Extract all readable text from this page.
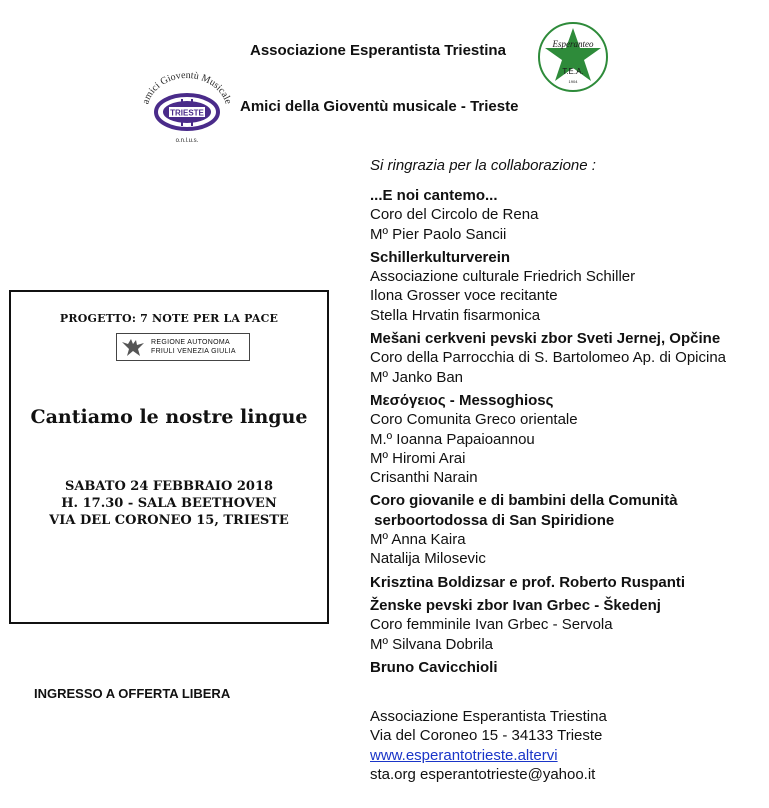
Associazione Esperantista Triestina
Amici della Gioventù musicale - Trieste
Esperanteo
T.E.A.
1904
amici Gioventù Musicale
TRIESTE
o.n.l.u.s.
Si ringrazia per la collaborazione :
...E noi cantemo...
Coro del Circolo de Rena
Mº Pier Paolo Sancii
Schillerkulturverein
Associazione culturale Friedrich Schiller
Ilona Grosser voce recitante
Stella Hrvatin fisarmonica
Mešani cerkveni pevski zbor Sveti Jernej, Opčine
Coro della Parrocchia di S. Bartolomeo Ap. di Opicina
Mº Janko Ban
Μεσόγειος - Messoghiosς
Coro Comunita Greco orientale
M.º Ioanna Papaioannou
Mº Hiromi Arai
Crisanthi Narain
Coro giovanile e di bambini della Comunità
serboortodossa di San Spiridione
Mº Anna Kaira
Natalija Milosevic
Krisztina Boldizsar e prof. Roberto Ruspanti
Ženske pevski zbor Ivan Grbec - Škedenj
Coro femminile Ivan Grbec - Servola
Mº Silvana Dobrila
Bruno Cavicchioli
Associazione Esperantista Triestina
Via del Coroneo 15 - 34133 Trieste
www.esperantotrieste.altervi
sta.org esperantotrieste@yahoo.it
PROGETTO: 7 NOTE PER LA PACE
REGIONE AUTONOMA
FRIULI VENEZIA GIULIA
Cantiamo le nostre lingue
SABATO 24 FEBBRAIO 2018
H. 17.30 - SALA BEETHOVEN
VIA DEL CORONEO 15, TRIESTE
INGRESSO A OFFERTA LIBERA
